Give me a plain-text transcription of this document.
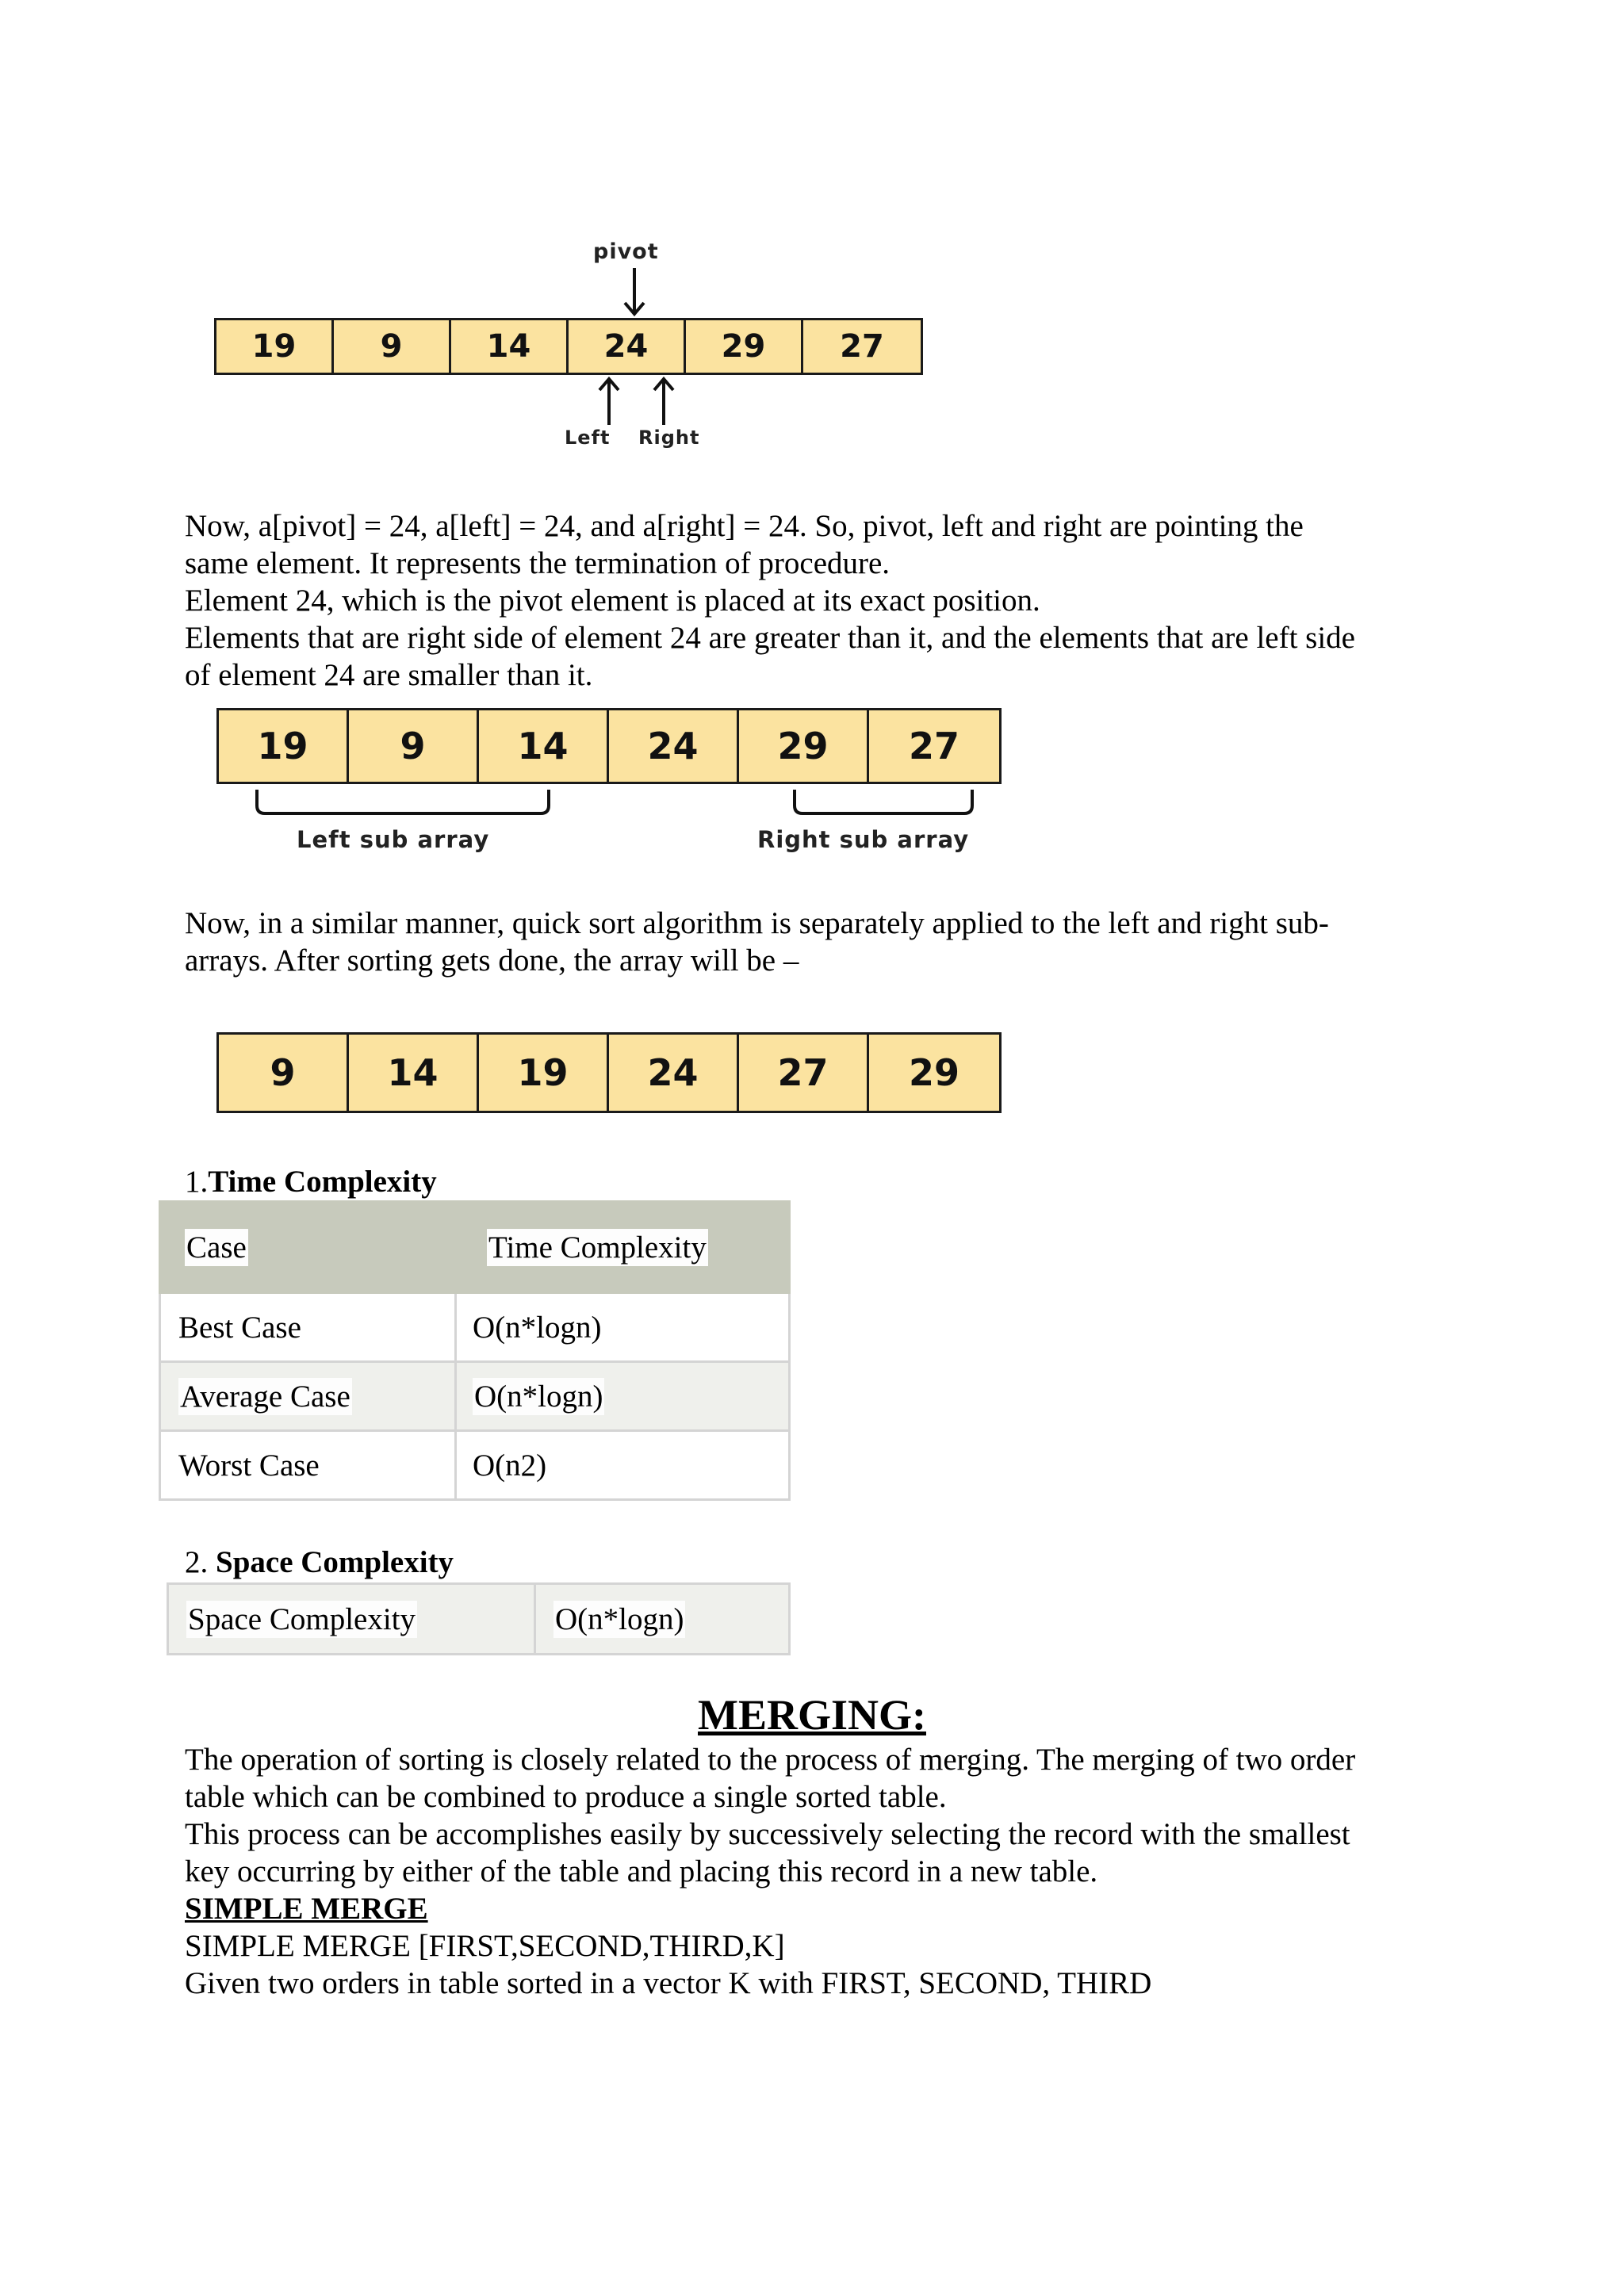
pivot
19	9	14	24	29	27
Left Right
Now, a[pivot] = 24, a[left] = 24, and a[right] = 24. So, pivot, left and right are pointing the
same element. It represents the termination of procedure.
Element 24, which is the pivot element is placed at its exact position.
Elements that are right side of element 24 are greater than it, and the elements that are left side
of element 24 are smaller than it.
19	9	14	24	29	27
Left sub array	Right sub array
Now, in a similar manner, quick sort algorithm is separately applied to the left and right sub-
arrays. After sorting gets done, the array will be –
9	14	19	24	27	29
1.Time Complexity
Case	Time Complexity
Best Case	O(n*logn)
Average Case	O(n*logn)
Worst Case	O(n2)
2. Space Complexity
Space Complexity	O(n*logn)
MERGING:
The operation of sorting is closely related to the process of merging. The merging of two order
table which can be combined to produce a single sorted table.
This process can be accomplishes easily by successively selecting the record with the smallest
key occurring by either of the table and placing this record in a new table.
SIMPLE MERGE
SIMPLE MERGE [FIRST,SECOND,THIRD,K]
Given two orders in table sorted in a vector K with FIRST, SECOND, THIRD
